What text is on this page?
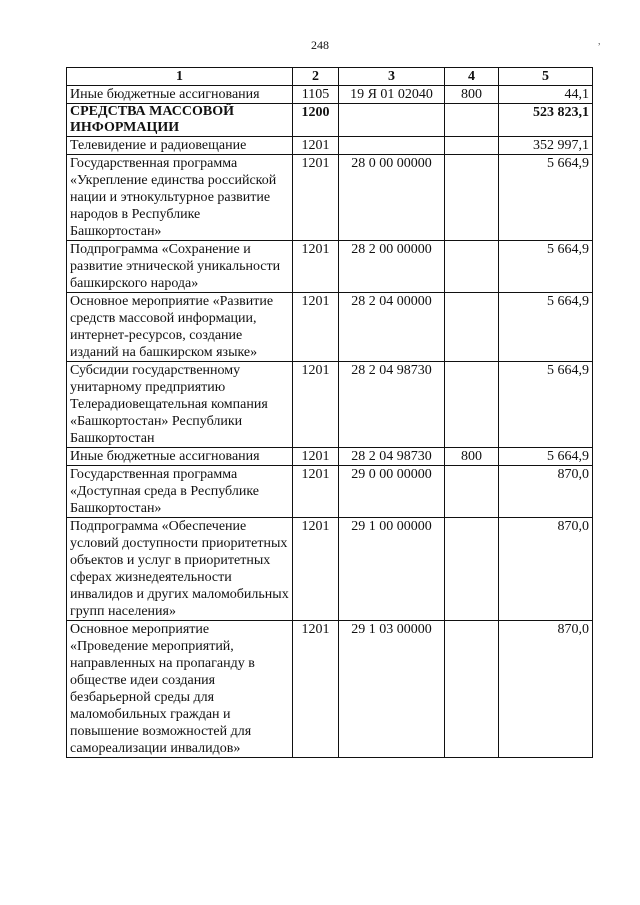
248	,
1	2	3	4	5
Иные бюджетные ассигнования	1105	19 Я 01 02040	800	44,1
СРЕДСТВА МАССОВОЙ ИНФОРМАЦИИ	1200			523 823,1
Телевидение и радиовещание	1201			352 997,1
Государственная программа «Укрепление единства российской нации и этнокультурное развитие народов в Республике Башкортостан»	1201	28 0 00 00000		5 664,9
Подпрограмма «Сохранение и развитие этнической уникальности башкирского народа»	1201	28 2 00 00000		5 664,9
Основное мероприятие «Развитие средств массовой информации, интернет-ресурсов, создание изданий на башкирском языке»	1201	28 2 04 00000		5 664,9
Субсидии государственному унитарному предприятию Телерадиовещательная компания «Башкортостан» Республики Башкортостан	1201	28 2 04 98730		5 664,9
Иные бюджетные ассигнования	1201	28 2 04 98730	800	5 664,9
Государственная программа «Доступная среда в Республике Башкортостан»	1201	29 0 00 00000		870,0
Подпрограмма «Обеспечение условий доступности приоритетных объектов и услуг в приоритетных сферах жизнедеятельности инвалидов и других маломобильных групп населения»	1201	29 1 00 00000		870,0
Основное мероприятие «Проведение мероприятий, направленных на пропаганду в обществе идеи создания безбарьерной среды для маломобильных граждан и повышение возможностей для самореализации инвалидов»	1201	29 1 03 00000		870,0
